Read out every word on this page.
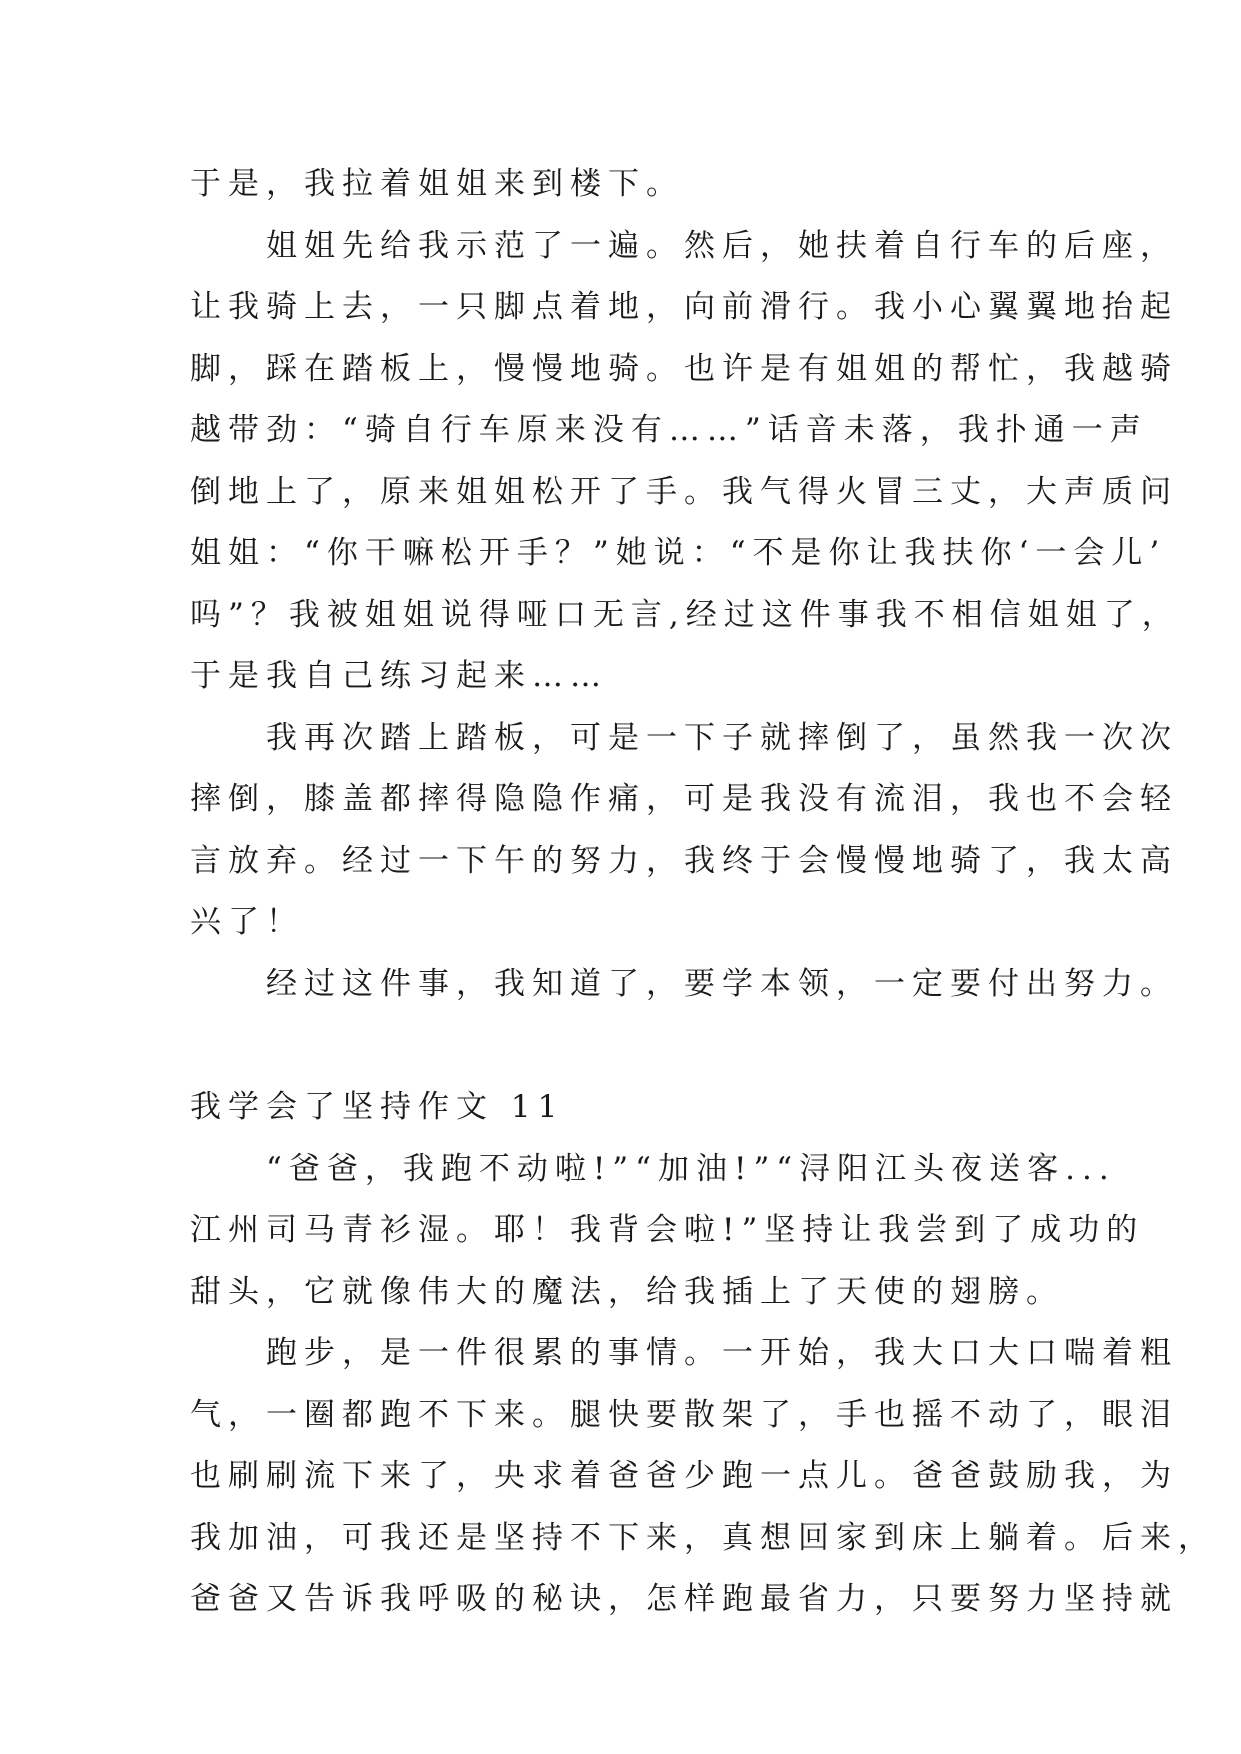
于是，我拉着姐姐来到楼下。

　　姐姐先给我示范了一遍。然后，她扶着自行车的后座，

让我骑上去，一只脚点着地，向前滑行。我小心翼翼地抬起

脚，踩在踏板上，慢慢地骑。也许是有姐姐的帮忙，我越骑

越带劲：“骑自行车原来没有……”话音未落，我扑通一声

倒地上了，原来姐姐松开了手。我气得火冒三丈，大声质问

姐姐：“你干嘛松开手？”她说：“不是你让我扶你‘一会儿’

吗”？我被姐姐说得哑口无言,经过这件事我不相信姐姐了，

于是我自己练习起来……

　　我再次踏上踏板，可是一下子就摔倒了，虽然我一次次

摔倒，膝盖都摔得隐隐作痛，可是我没有流泪，我也不会轻

言放弃。经过一下午的努力，我终于会慢慢地骑了，我太高

兴了！

　　经过这件事，我知道了，要学本领，一定要付出努力。

我学会了坚持作文 11

　　“爸爸，我跑不动啦!”“加油!”“浔阳江头夜送客...

江州司马青衫湿。耶！我背会啦!”坚持让我尝到了成功的

甜头，它就像伟大的魔法，给我插上了天使的翅膀。

　　跑步，是一件很累的事情。一开始，我大口大口喘着粗

气，一圈都跑不下来。腿快要散架了，手也摇不动了，眼泪

也刷刷流下来了，央求着爸爸少跑一点儿。爸爸鼓励我，为

我加油，可我还是坚持不下来，真想回家到床上躺着。后来，

爸爸又告诉我呼吸的秘诀，怎样跑最省力，只要努力坚持就
